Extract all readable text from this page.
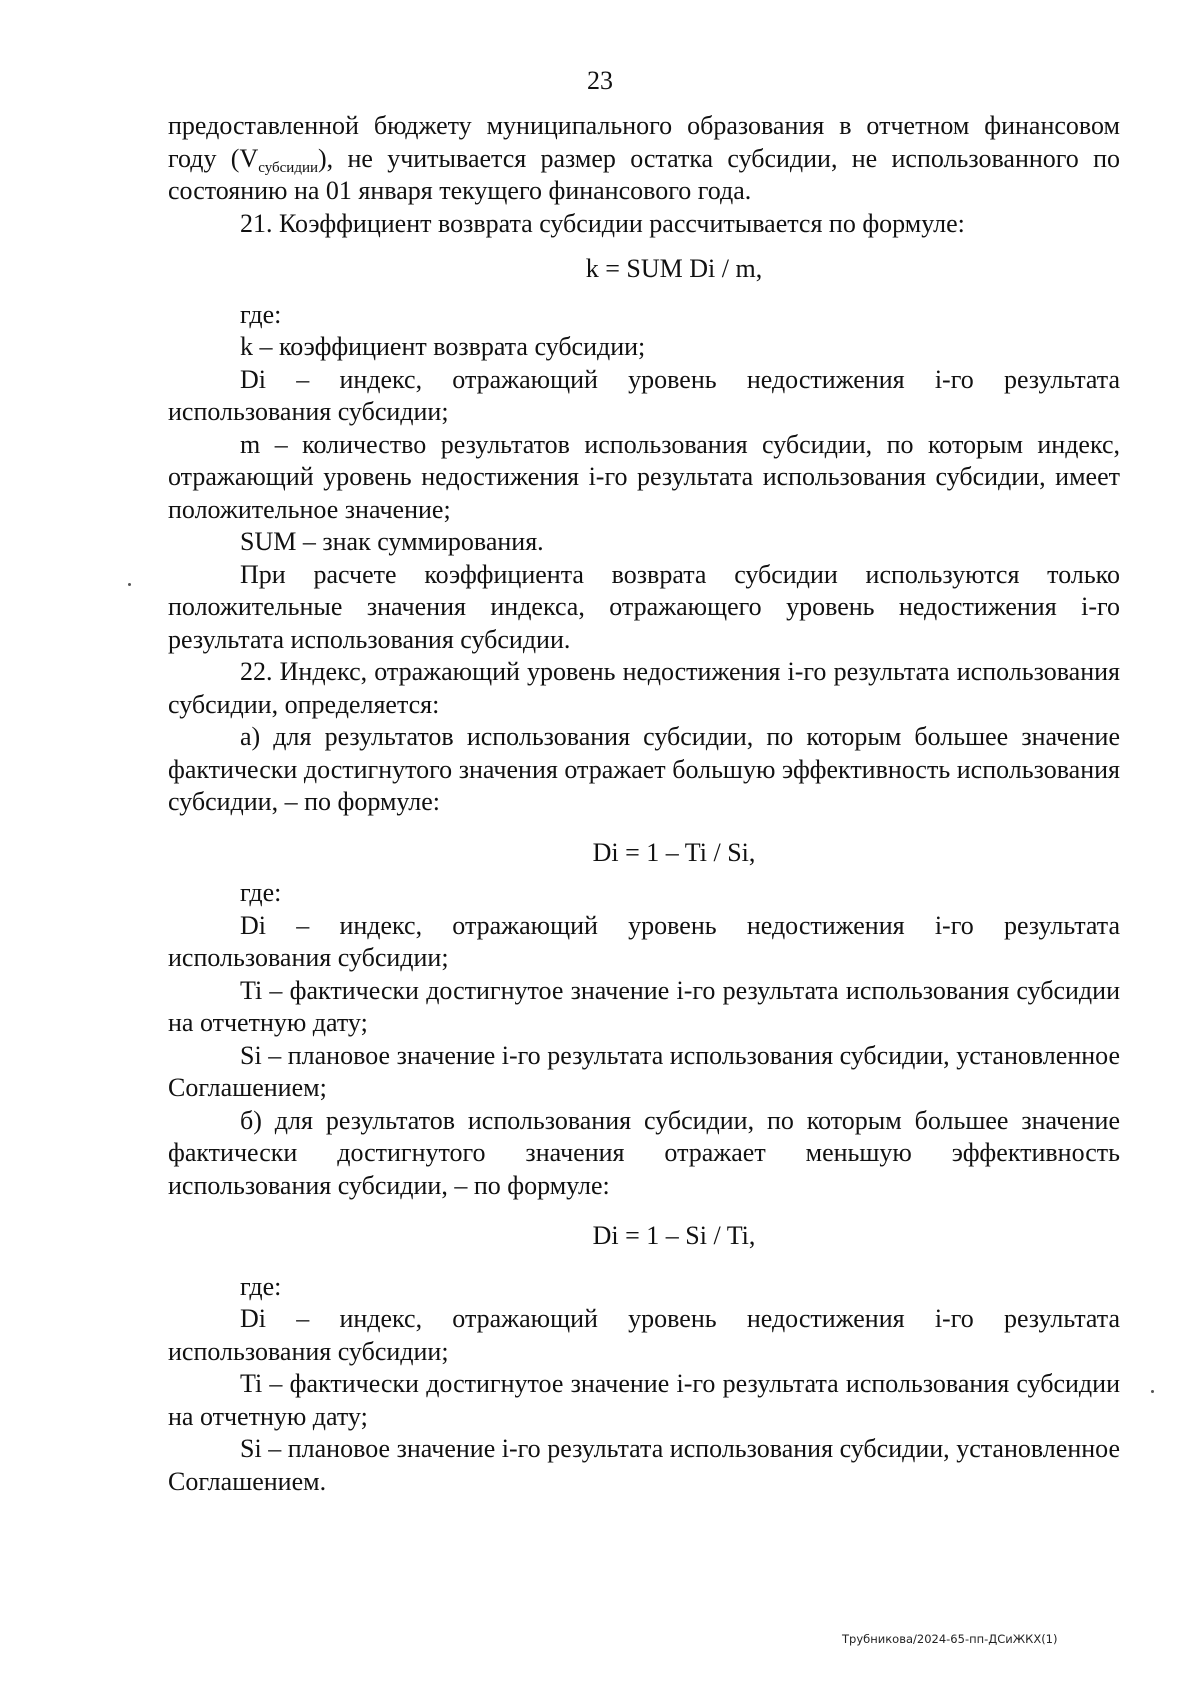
23

предоставленной бюджету муниципального образования в отчетном финансовом году $(V_{субсидии})$, не учитывается размер остатка субсидии, не использованного по состоянию на 01 января текущего финансового года.

21. Коэффициент возврата субсидии рассчитывается по формуле:

k = SUM Di / m,

где:

k – коэффициент возврата субсидии;

Di – индекс, отражающий уровень недостижения i-го результата использования субсидии;

m – количество результатов использования субсидии, по которым индекс, отражающий уровень недостижения i-го результата использования субсидии, имеет положительное значение;

SUM – знак суммирования.

При расчете коэффициента возврата субсидии используются только положительные значения индекса, отражающего уровень недостижения i-го результата использования субсидии.

22. Индекс, отражающий уровень недостижения i-го результата использования субсидии, определяется:

а) для результатов использования субсидии, по которым большее значение фактически достигнутого значения отражает большую эффективность использования субсидии, – по формуле:

Di = 1 – Ti / Si,

где:

Di – индекс, отражающий уровень недостижения i-го результата использования субсидии;

Ti – фактически достигнутое значение i-го результата использования субсидии на отчетную дату;

Si – плановое значение i-го результата использования субсидии, установленное Соглашением;

б) для результатов использования субсидии, по которым большее значение фактически достигнутого значения отражает меньшую эффективность использования субсидии, – по формуле:

Di = 1 – Si / Ti,

где:

Di – индекс, отражающий уровень недостижения i-го результата использования субсидии;

Ti – фактически достигнутое значение i-го результата использования субсидии на отчетную дату;

Si – плановое значение i-го результата использования субсидии, установленное Соглашением.

Трубникова/2024-65-пп-ДСиЖКХ(1)
